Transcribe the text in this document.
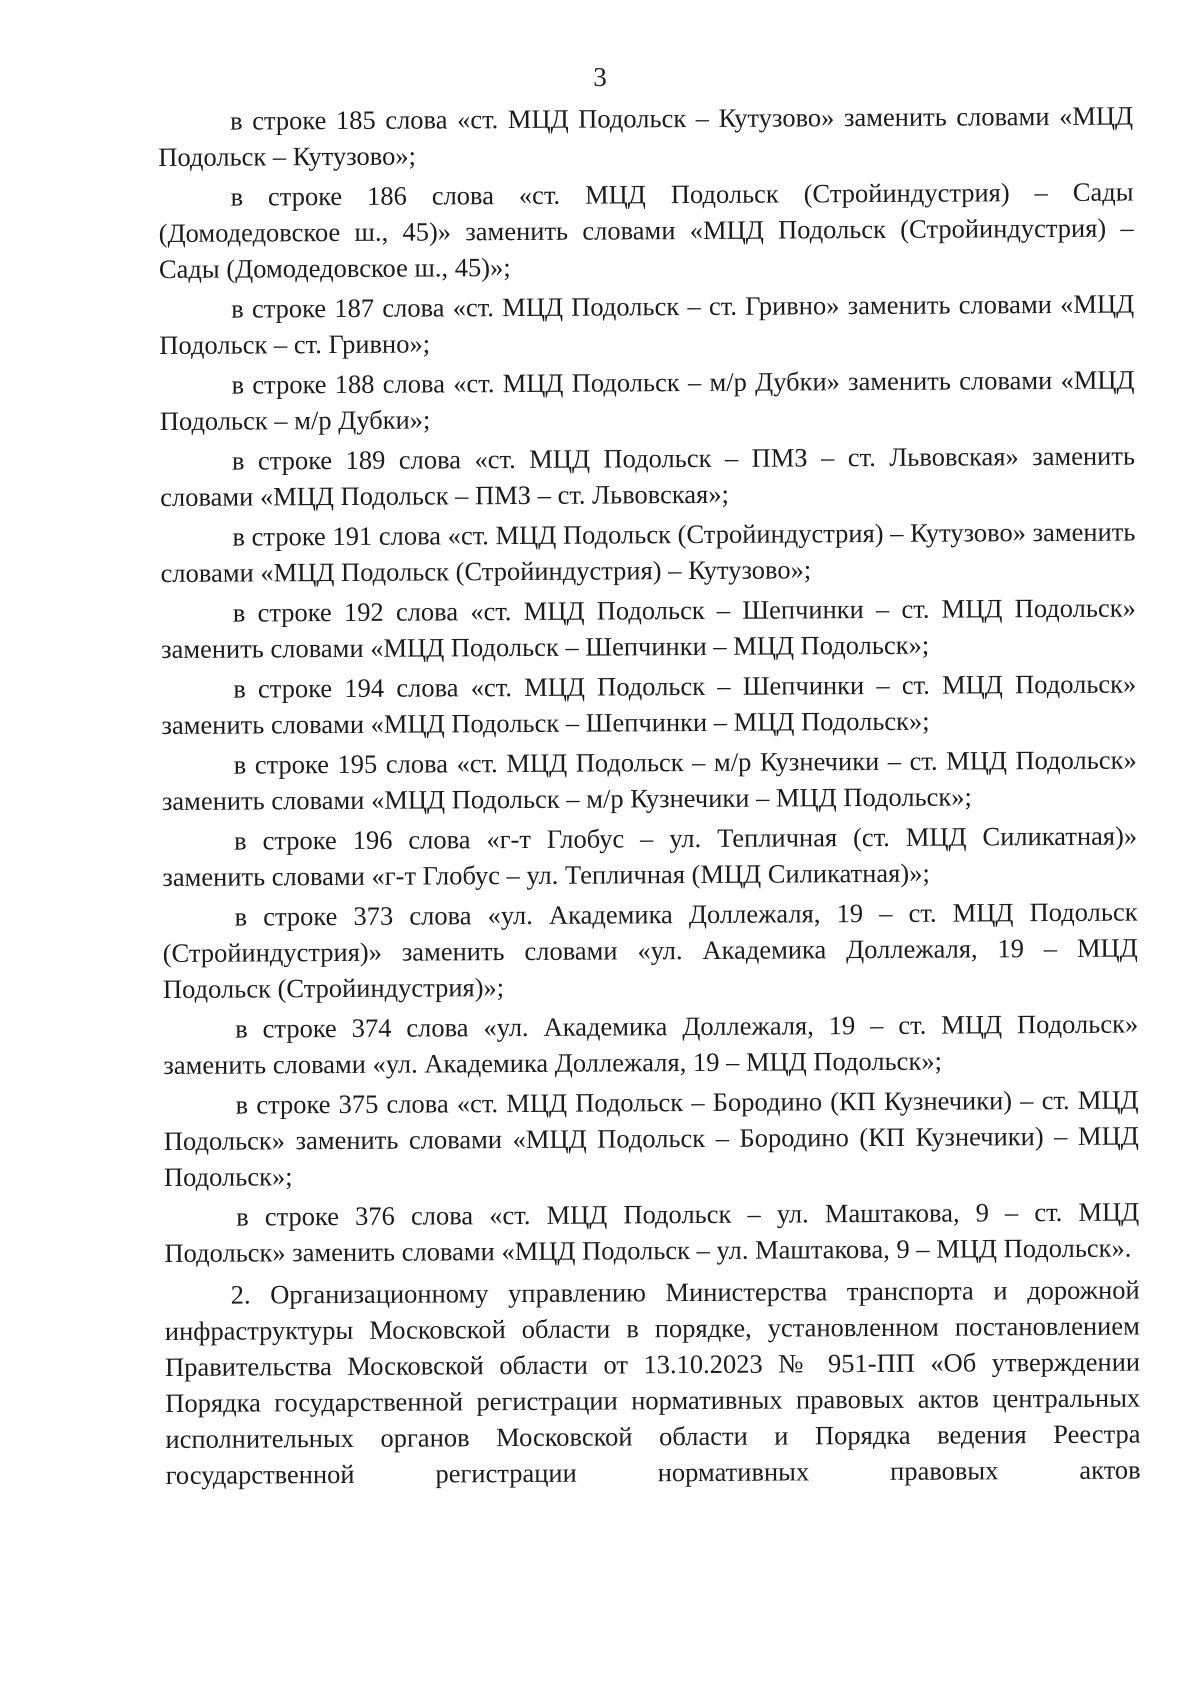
3

в строке 185 слова «ст. МЦД Подольск – Кутузово» заменить словами «МЦД Подольск – Кутузово»;

в строке 186 слова «ст. МЦД Подольск (Стройиндустрия) – Сады (Домодедовское ш., 45)» заменить словами «МЦД Подольск (Стройиндустрия) – Сады (Домодедовское ш., 45)»;

в строке 187 слова «ст. МЦД Подольск – ст. Гривно» заменить словами «МЦД Подольск – ст. Гривно»;

в строке 188 слова «ст. МЦД Подольск – м/р Дубки» заменить словами «МЦД Подольск – м/р Дубки»;

в строке 189 слова «ст. МЦД Подольск – ПМЗ – ст. Львовская» заменить словами «МЦД Подольск – ПМЗ – ст. Львовская»;

в строке 191 слова «ст. МЦД Подольск (Стройиндустрия) – Кутузово» заменить словами «МЦД Подольск (Стройиндустрия) – Кутузово»;

в строке 192 слова «ст. МЦД Подольск – Шепчинки – ст. МЦД Подольск» заменить словами «МЦД Подольск – Шепчинки – МЦД Подольск»;

в строке 194 слова «ст. МЦД Подольск – Шепчинки – ст. МЦД Подольск» заменить словами «МЦД Подольск – Шепчинки – МЦД Подольск»;

в строке 195 слова «ст. МЦД Подольск – м/р Кузнечики – ст. МЦД Подольск» заменить словами «МЦД Подольск – м/р Кузнечики – МЦД Подольск»;

в строке 196 слова «г-т Глобус – ул. Тепличная (ст. МЦД Силикатная)» заменить словами «г-т Глобус – ул. Тепличная (МЦД Силикатная)»;

в строке 373 слова «ул. Академика Доллежаля, 19 – ст. МЦД Подольск (Стройиндустрия)» заменить словами «ул. Академика Доллежаля, 19 – МЦД Подольск (Стройиндустрия)»;

в строке 374 слова «ул. Академика Доллежаля, 19 – ст. МЦД Подольск» заменить словами «ул. Академика Доллежаля, 19 – МЦД Подольск»;

в строке 375 слова «ст. МЦД Подольск – Бородино (КП Кузнечики) – ст. МЦД Подольск» заменить словами «МЦД Подольск – Бородино (КП Кузнечики) – МЦД Подольск»;

в строке 376 слова «ст. МЦД Подольск – ул. Маштакова, 9 – ст. МЦД Подольск» заменить словами «МЦД Подольск – ул. Маштакова, 9 – МЦД Подольск».

2. Организационному управлению Министерства транспорта и дорожной инфраструктуры Московской области в порядке, установленном постановлением Правительства Московской области от 13.10.2023 № 951-ПП «Об утверждении Порядка государственной регистрации нормативных правовых актов центральных исполнительных органов Московской области и Порядка ведения Реестра государственной регистрации нормативных правовых актов
